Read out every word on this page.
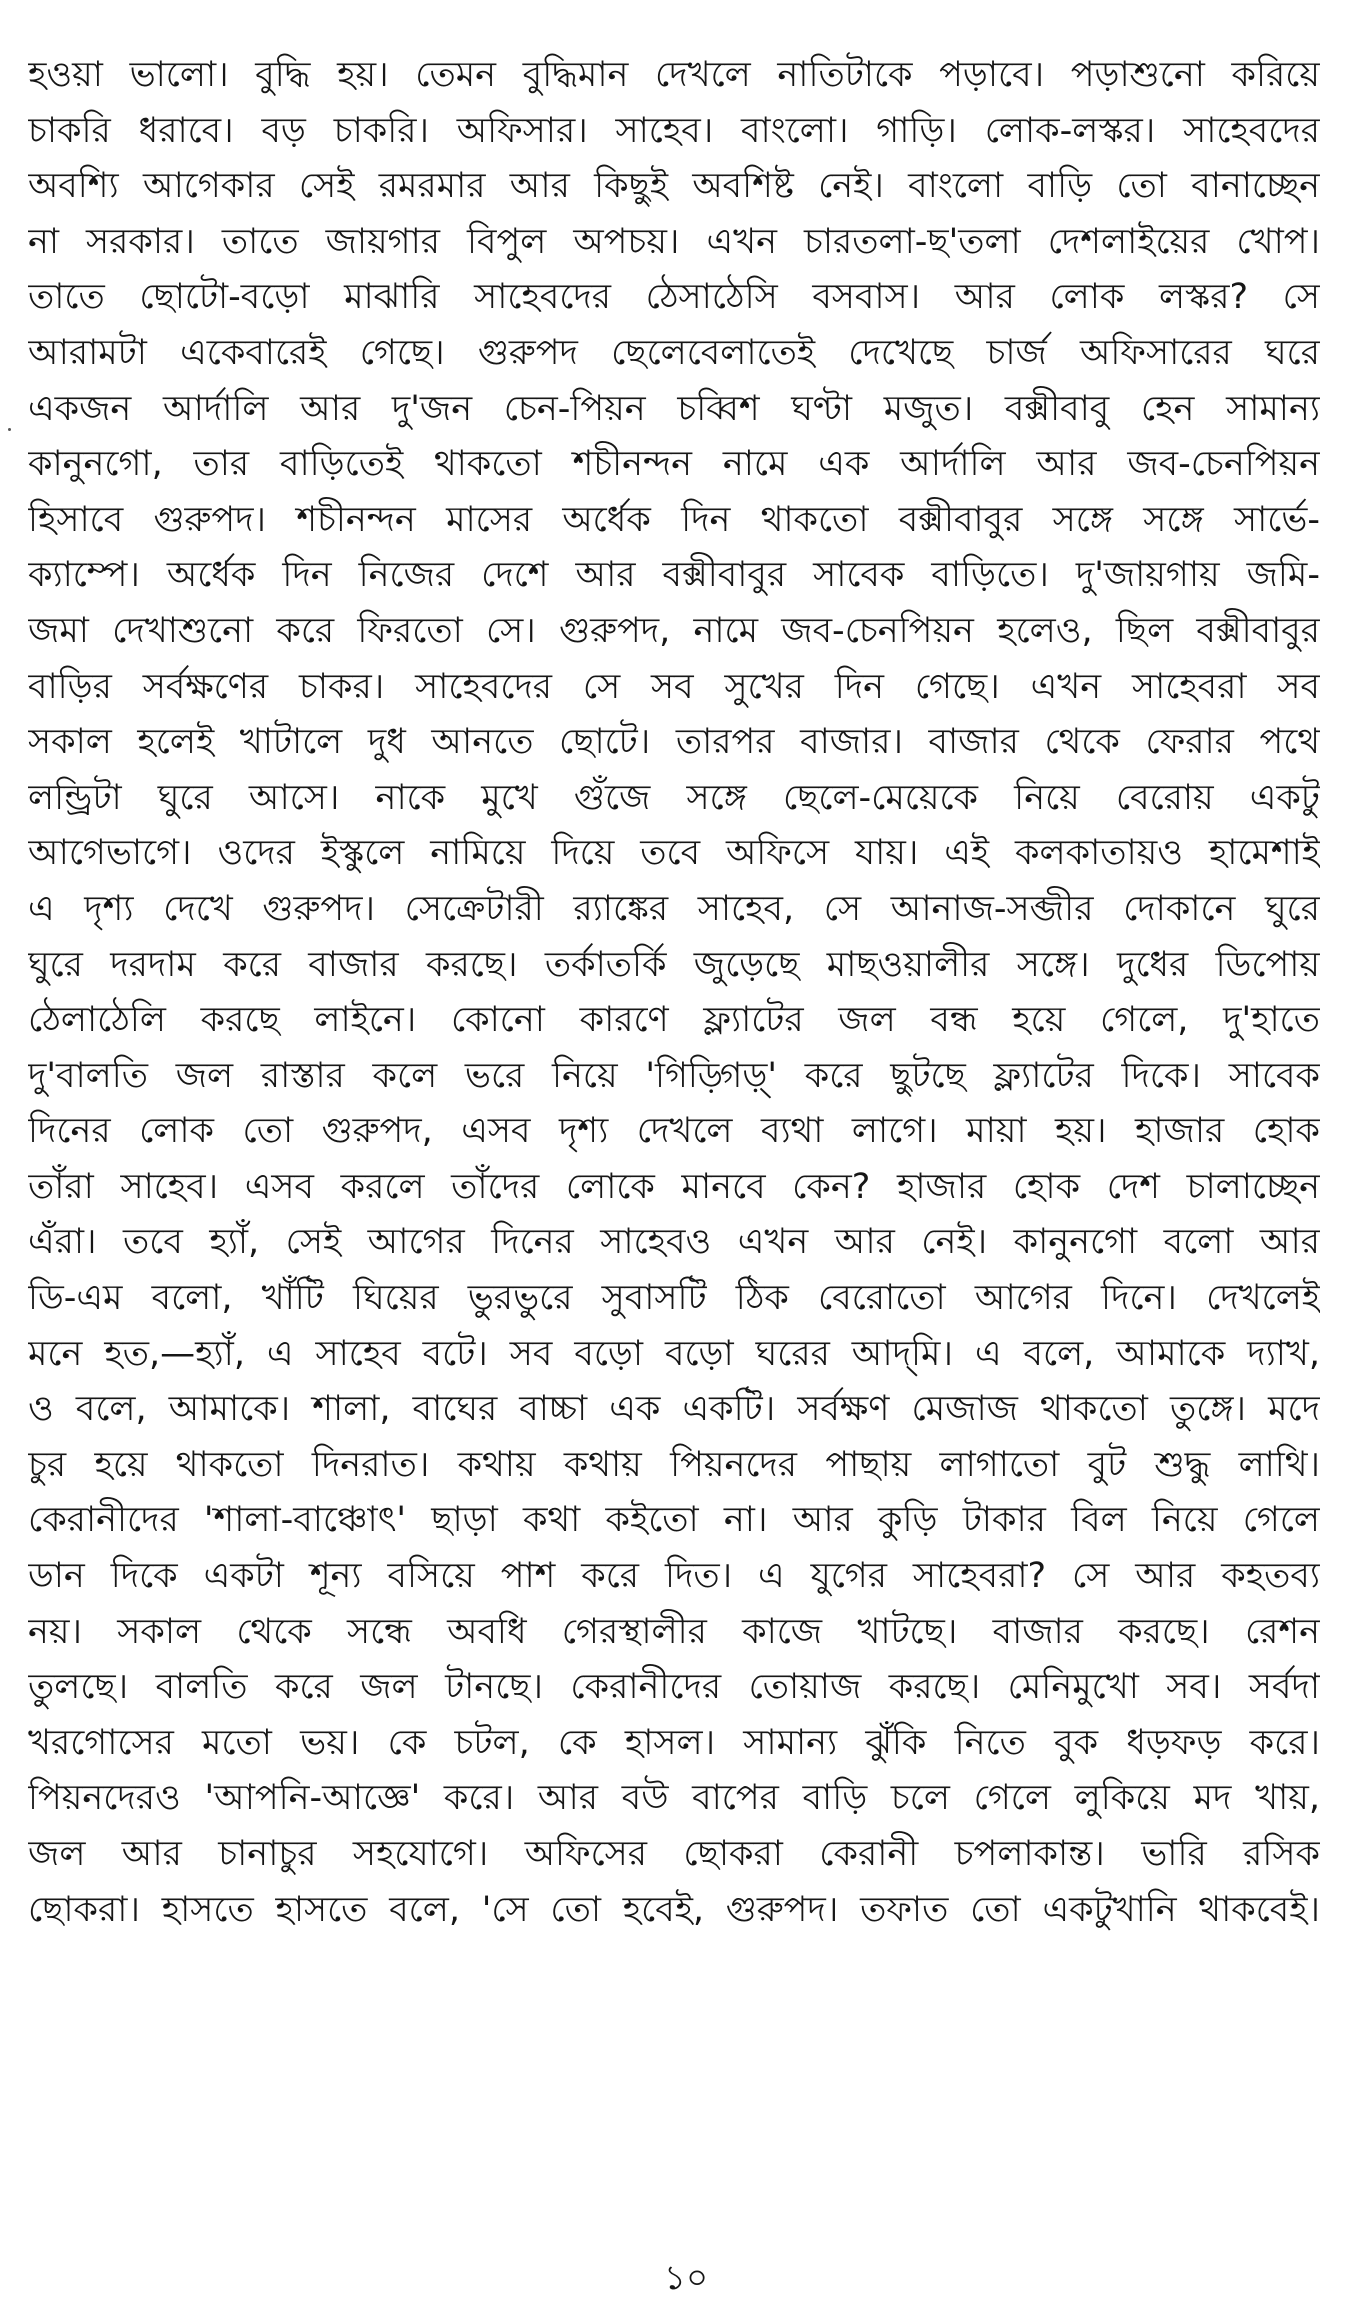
হওয়া ভালো। বুদ্ধি হয়। তেমন বুদ্ধিমান দেখলে নাতিটাকে পড়াবে। পড়াশুনো করিয়ে
চাকরি ধরাবে। বড় চাকরি। অফিসার। সাহেব। বাংলো। গাড়ি। লোক-লস্কর। সাহেবদের
অবশ্যি আগেকার সেই রমরমার আর কিছুই অবশিষ্ট নেই। বাংলো বাড়ি তো বানাচ্ছেন
না সরকার। তাতে জায়গার বিপুল অপচয়। এখন চারতলা-ছ'তলা দেশলাইয়ের খোপ।
তাতে ছোটো-বড়ো মাঝারি সাহেবদের ঠেসাঠেসি বসবাস। আর লোক লস্কর? সে
আরামটা একেবারেই গেছে। গুরুপদ ছেলেবেলাতেই দেখেছে চার্জ অফিসারের ঘরে
একজন আর্দালি আর দু'জন চেন-পিয়ন চব্বিশ ঘণ্টা মজুত। বক্সীবাবু হেন সামান্য
কানুনগো, তার বাড়িতেই থাকতো শচীনন্দন নামে এক আর্দালি আর জব-চেনপিয়ন
হিসাবে গুরুপদ। শচীনন্দন মাসের অর্ধেক দিন থাকতো বক্সীবাবুর সঙ্গে সঙ্গে সার্ভে-
ক্যাম্পে। অর্ধেক দিন নিজের দেশে আর বক্সীবাবুর সাবেক বাড়িতে। দু'জায়গায় জমি-
জমা দেখাশুনো করে ফিরতো সে। গুরুপদ, নামে জব-চেনপিয়ন হলেও, ছিল বক্সীবাবুর
বাড়ির সর্বক্ষণের চাকর। সাহেবদের সে সব সুখের দিন গেছে। এখন সাহেবরা সব
সকাল হলেই খাটালে দুধ আনতে ছোটে। তারপর বাজার। বাজার থেকে ফেরার পথে
লন্ড্রিটা ঘুরে আসে। নাকে মুখে গুঁজে সঙ্গে ছেলে-মেয়েকে নিয়ে বেরোয় একটু
আগেভাগে। ওদের ইস্কুলে নামিয়ে দিয়ে তবে অফিসে যায়। এই কলকাতায়ও হামেশাই
এ দৃশ্য দেখে গুরুপদ। সেক্রেটারী র‍্যাঙ্কের সাহেব, সে আনাজ-সব্জীর দোকানে ঘুরে
ঘুরে দরদাম করে বাজার করছে। তর্কাতর্কি জুড়েছে মাছওয়ালীর সঙ্গে। দুধের ডিপোয়
ঠেলাঠেলি করছে লাইনে। কোনো কারণে ফ্ল্যাটের জল বন্ধ হয়ে গেলে, দু'হাতে
দু'বালতি জল রাস্তার কলে ভরে নিয়ে 'গিড়্গিড়্' করে ছুটছে ফ্ল্যাটের দিকে। সাবেক
দিনের লোক তো গুরুপদ, এসব দৃশ্য দেখলে ব্যথা লাগে। মায়া হয়। হাজার হোক
তাঁরা সাহেব। এসব করলে তাঁদের লোকে মানবে কেন? হাজার হোক দেশ চালাচ্ছেন
এঁরা। তবে হ্যাঁ, সেই আগের দিনের সাহেবও এখন আর নেই। কানুনগো বলো আর
ডি-এম বলো, খাঁটি ঘিয়ের ভুরভুরে সুবাসটি ঠিক বেরোতো আগের দিনে। দেখলেই
মনে হত,—হ্যাঁ, এ সাহেব বটে। সব বড়ো বড়ো ঘরের আদ্‌মি। এ বলে, আমাকে দ্যাখ,
ও বলে, আমাকে। শালা, বাঘের বাচ্চা এক একটি। সর্বক্ষণ মেজাজ থাকতো তুঙ্গে। মদে
চুর হয়ে থাকতো দিনরাত। কথায় কথায় পিয়নদের পাছায় লাগাতো বুট শুদ্ধু লাথি।
কেরানীদের 'শালা-বাঞ্চোৎ' ছাড়া কথা কইতো না। আর কুড়ি টাকার বিল নিয়ে গেলে
ডান দিকে একটা শূন্য বসিয়ে পাশ করে দিত। এ যুগের সাহেবরা? সে আর কহতব্য
নয়। সকাল থেকে সন্ধে অবধি গেরস্থালীর কাজে খাটছে। বাজার করছে। রেশন
তুলছে। বালতি করে জল টানছে। কেরানীদের তোয়াজ করছে। মেনিমুখো সব। সর্বদা
খরগোসের মতো ভয়। কে চটল, কে হাসল। সামান্য ঝুঁকি নিতে বুক ধড়ফড় করে।
পিয়নদেরও 'আপনি-আজ্ঞে' করে। আর বউ বাপের বাড়ি চলে গেলে লুকিয়ে মদ খায়,
জল আর চানাচুর সহযোগে। অফিসের ছোকরা কেরানী চপলাকান্ত। ভারি রসিক
ছোকরা। হাসতে হাসতে বলে, 'সে তো হবেই, গুরুপদ। তফাত তো একটুখানি থাকবেই।
১০
